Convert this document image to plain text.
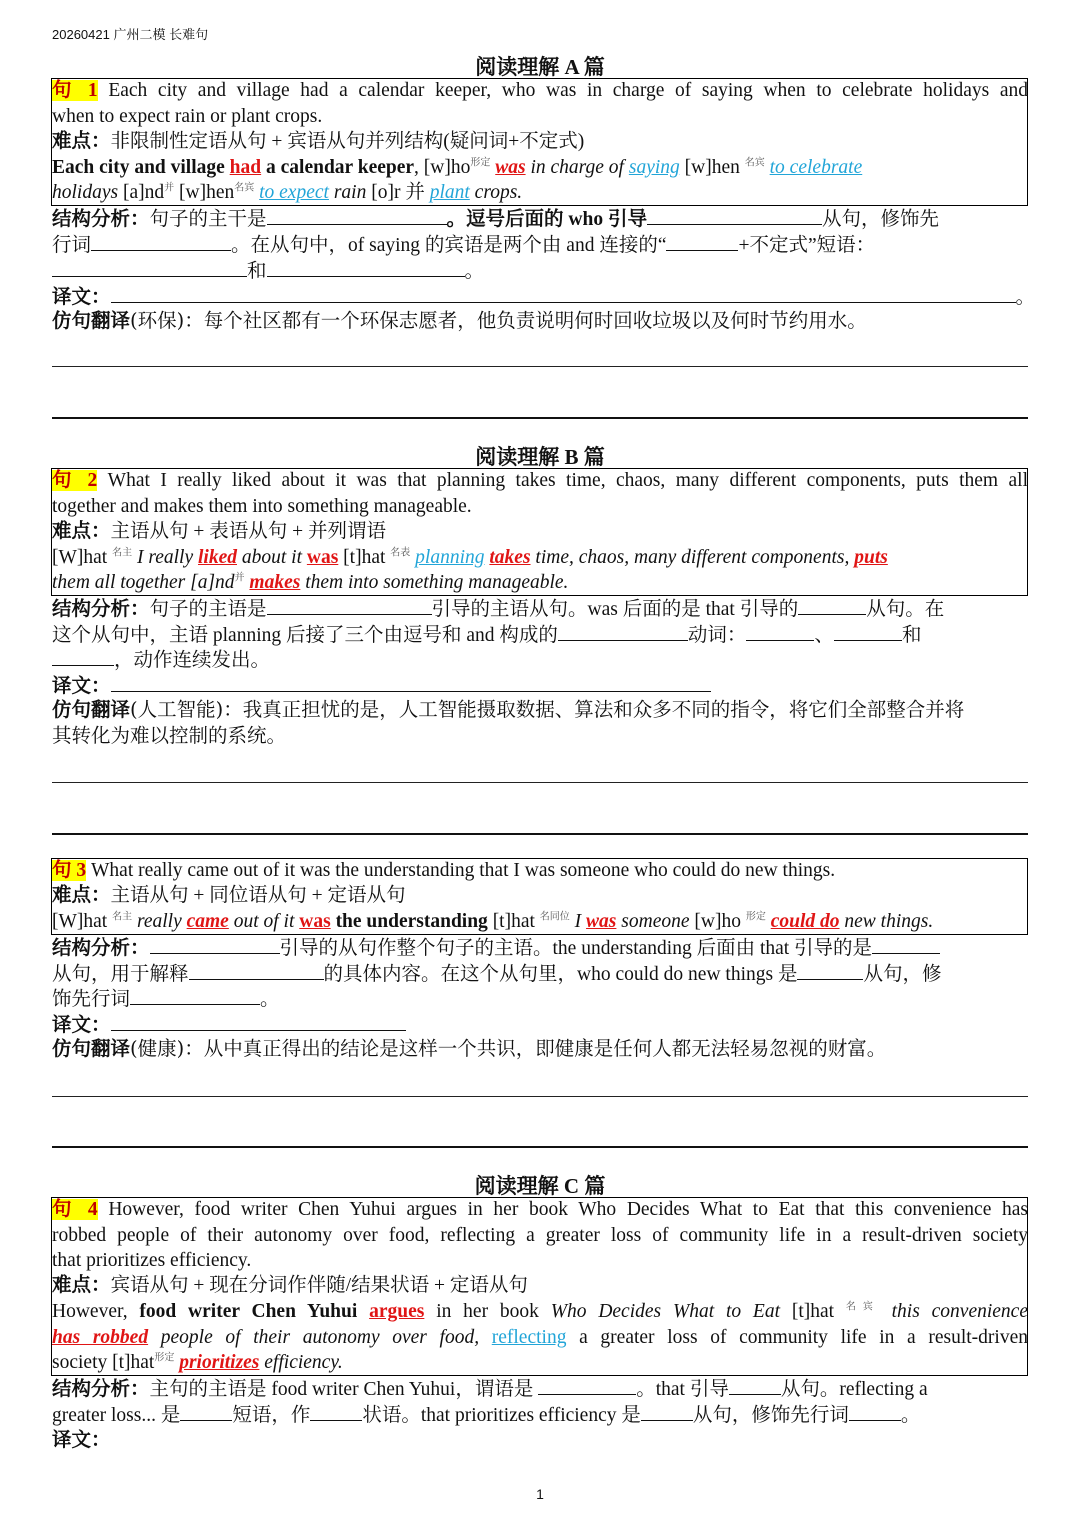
20260421 广州二模 长难句
阅读理解 A 篇
句 1 Each city and village had a calendar keeper, who was in charge of saying when to celebrate holidays and
when to expect rain or plant crops.
难点：非限制性定语从句 + 宾语从句并列结构(疑问词+不定式)
Each city and village had a calendar keeper, $[w]ho^{形定}$ was in charge of saying [w]hen $^{名宾}$ to celebrate
holidays $[a]nd^并$ [w]hen$^{名宾}$ to expect rain [o]r 并 plant crops.
结构分析：句子的主干是	。逗号后面的 who 引导	从句，修饰先
行词	。在从句中，of saying 的宾语是两个由 and 连接的“	+不定式”短语：
和	。
译文：	。
仿句翻译(环保)：每个社区都有一个环保志愿者，他负责说明何时回收垃圾以及何时节约用水。
阅读理解 B 篇
句 2 What I really liked about it was that planning takes time, chaos, many different components, puts them all
together and makes them into something manageable.
难点：主语从句 + 表语从句 + 并列谓语
[W]hat $^{名主}$ I really liked about it was [t]hat $^{名表}$ planning takes time, chaos, many different components, puts
them all together $[a]nd^并$ makes them into something manageable.
结构分析：句子的主语是	引导的主语从句。was 后面的是 that 引导的	从句。在
这个从句中，主语 planning 后接了三个由逗号和 and 构成的	动词：	、	和
，动作连续发出。
译文：
仿句翻译(人工智能)：我真正担忧的是，人工智能摄取数据、算法和众多不同的指令，将它们全部整合并将
其转化为难以控制的系统。
句 3 What really came out of it was the understanding that I was someone who could do new things.
难点：主语从句 + 同位语从句 + 定语从句
[W]hat $^{名主}$ really came out of it was the understanding [t]hat $^{名同位}$ I was someone [w]ho $^{形定}$ could do new things.
结构分析：	引导的从句作整个句子的主语。the understanding 后面由 that 引导的是
从句，用于解释	的具体内容。在这个从句里，who could do new things 是	从句，修
饰先行词	。
译文：
仿句翻译(健康)：从中真正得出的结论是这样一个共识，即健康是任何人都无法轻易忽视的财富。
阅读理解 C 篇
句 4 However, food writer Chen Yuhui argues in her book Who Decides What to Eat that this convenience has
robbed people of their autonomy over food, reflecting a greater loss of community life in a result-driven society
that prioritizes efficiency.
难点：宾语从句 + 现在分词作伴随/结果状语 + 定语从句
However, food writer Chen Yuhui argues in her book Who Decides What to Eat [t]hat $^{名宾}$ this convenience
has robbed people of their autonomy over food, reflecting a greater loss of community life in a result-driven
society [t]hat$^{形定}$ prioritizes efficiency.
结构分析：主句的主语是 food writer Chen Yuhui，谓语是	。that 引导	从句。reflecting a
greater loss... 是	短语，作	状语。that prioritizes efficiency 是	从句，修饰先行词	。
译文：
1
